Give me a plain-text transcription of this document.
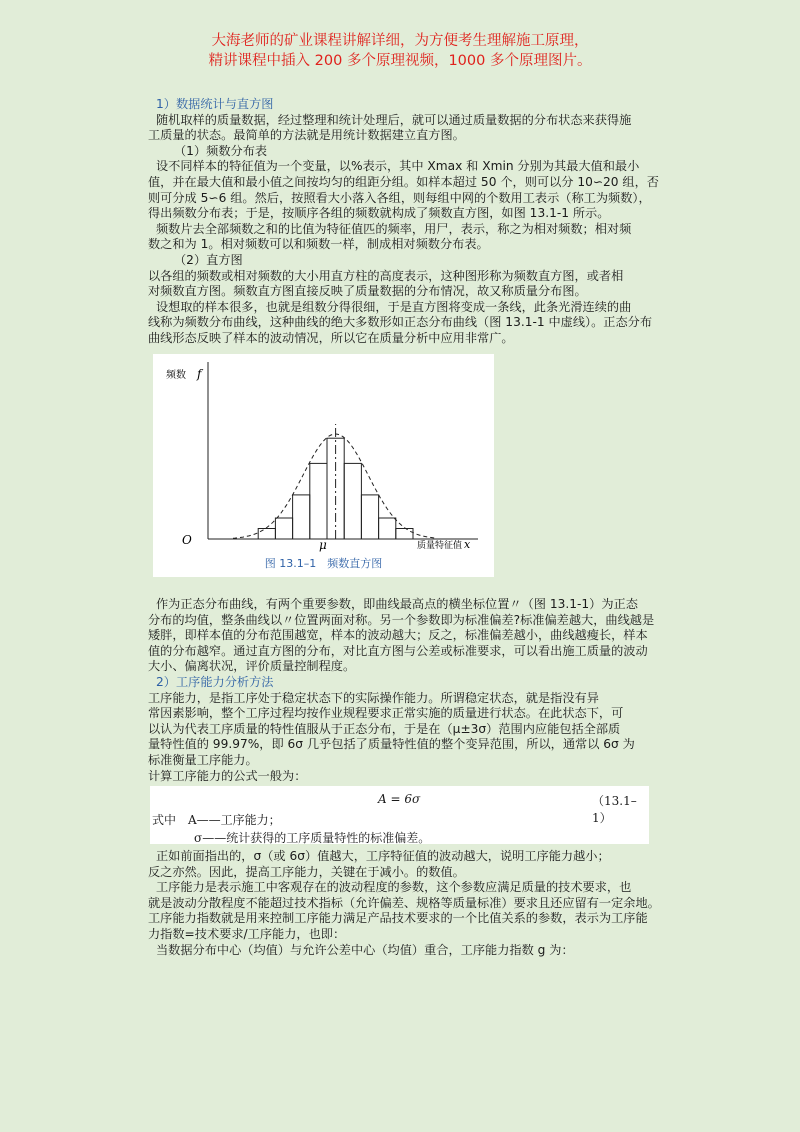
大海老师的矿业课程讲解详细，为方便考生理解施工原理，
精讲课程中插入 200 多个原理视频，1000 多个原理图片。
1）数据统计与直方图
随机取样的质量数据，经过整理和统计处理后，就可以通过质量数据的分布状态来获得施
工质量的状态。最简单的方法就是用统计数据建立直方图。
（1）频数分布表
设不同样本的特征值为一个变量，以%表示，其中 Xmax 和 Xmin 分别为其最大值和最小
值，并在最大值和最小值之间按均匀的组距分组。如样本超过 50 个，则可以分 10∽20 组，否
则可分成 5∽6 组。然后，按照看大小落入各组，则每组中网的个数用工表示（称工为频数），
得出频数分布表；于是，按顺序各组的频数就构成了频数直方图，如图 13.1-1 所示。
频数片去全部频数之和的比值为特征值匹的频率，用尸，表示，称之为相对频数；相对频
数之和为 1。相对频数可以和频数一样，制成相对频数分布表。
（2）直方图
以各组的频数或相对频数的大小用直方柱的高度表示，这种图形称为频数直方图，或者相
对频数直方图。频数直方图直接反映了质量数据的分布情况，故又称质量分布图。
设想取的样本很多，也就是组数分得很细，于是直方图将变成一条线，此条光滑连续的曲
线称为频数分布曲线，这种曲线的绝大多数形如正态分布曲线（图 13.1-1 中虚线）。正态分布
曲线形态反映了样本的波动情况，所以它在质量分析中应用非常广。
频数 f
O	μ	质量特征值 x
图 13.1–1　频数直方图
作为正态分布曲线，有两个重要参数，即曲线最高点的横坐标位置〃（图 13.1-1）为正态
分布的均值，整条曲线以〃位置两面对称。另一个参数即为标准偏差?标准偏差越大，曲线越是
矮胖，即样本值的分布范围越宽，样本的波动越大；反之，标准偏差越小，曲线越瘦长，样本
值的分布越窄。通过直方图的分布，对比直方图与公差或标准要求，可以看出施工质量的波动
大小、偏离状况，评价质量控制程度。
2）工序能力分析方法
工序能力，是指工序处于稳定状态下的实际操作能力。所谓稳定状态，就是指没有异
常因素影响，整个工序过程均按作业规程要求正常实施的质量进行状态。在此状态下，可
以认为代表工序质量的特性值服从于正态分布，于是在（μ±3σ）范围内应能包括全部质
量特性值的 99.97%，即 6σ 几乎包括了质量特性值的整个变异范围，所以，通常以 6σ 为
标准衡量工序能力。
计算工序能力的公式一般为：
A = 6σ	（13.1–1）
式中　A——工序能力；
σ——统计获得的工序质量特性的标准偏差。
正如前面指出的，σ（或 6σ）值越大，工序特征值的波动越大，说明工序能力越小；
反之亦然。因此，提高工序能力，关键在于减小。的数值。
工序能力是表示施工中客观存在的波动程度的参数，这个参数应满足质量的技术要求，也
就是波动分散程度不能超过技术指标（允许偏差、规格等质量标准）要求且还应留有一定余地。
工序能力指数就是用来控制工序能力满足产品技术要求的一个比值关系的参数，表示为工序能
力指数=技术要求/工序能力，也即：
当数据分布中心（均值）与允许公差中心（均值）重合，工序能力指数 g 为：
